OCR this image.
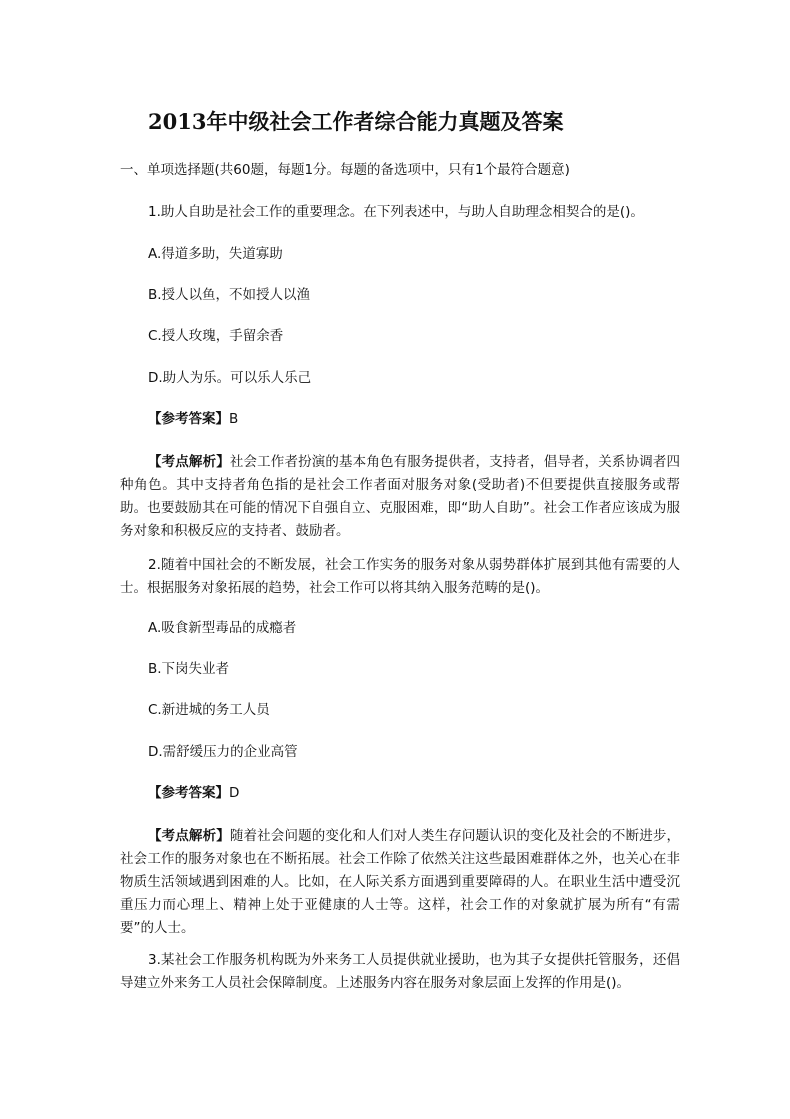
2013年中级社会工作者综合能力真题及答案
一、单项选择题(共60题，每题1分。每题的备选项中，只有1个最符合题意)
1.助人自助是社会工作的重要理念。在下列表述中，与助人自助理念相契合的是()。
A.得道多助，失道寡助
B.授人以鱼，不如授人以渔
C.授人玫瑰，手留余香
D.助人为乐。可以乐人乐己
【参考答案】B
【考点解析】社会工作者扮演的基本角色有服务提供者，支持者，倡导者，关系协调者四种角色。其中支持者角色指的是社会工作者面对服务对象(受助者)不但要提供直接服务或帮助。也要鼓励其在可能的情况下自强自立、克服困难，即“助人自助”。社会工作者应该成为服务对象和积极反应的支持者、鼓励者。
2.随着中国社会的不断发展，社会工作实务的服务对象从弱势群体扩展到其他有需要的人士。根据服务对象拓展的趋势，社会工作可以将其纳入服务范畴的是()。
A.吸食新型毒品的成瘾者
B.下岗失业者
C.新进城的务工人员
D.需舒缓压力的企业高管
【参考答案】D
【考点解析】随着社会问题的变化和人们对人类生存问题认识的变化及社会的不断进步，社会工作的服务对象也在不断拓展。社会工作除了依然关注这些最困难群体之外，也关心在非物质生活领域遇到困难的人。比如，在人际关系方面遇到重要障碍的人。在职业生活中遭受沉重压力而心理上、精神上处于亚健康的人士等。这样，社会工作的对象就扩展为所有“有需要”的人士。
3.某社会工作服务机构既为外来务工人员提供就业援助，也为其子女提供托管服务，还倡导建立外来务工人员社会保障制度。上述服务内容在服务对象层面上发挥的作用是()。
